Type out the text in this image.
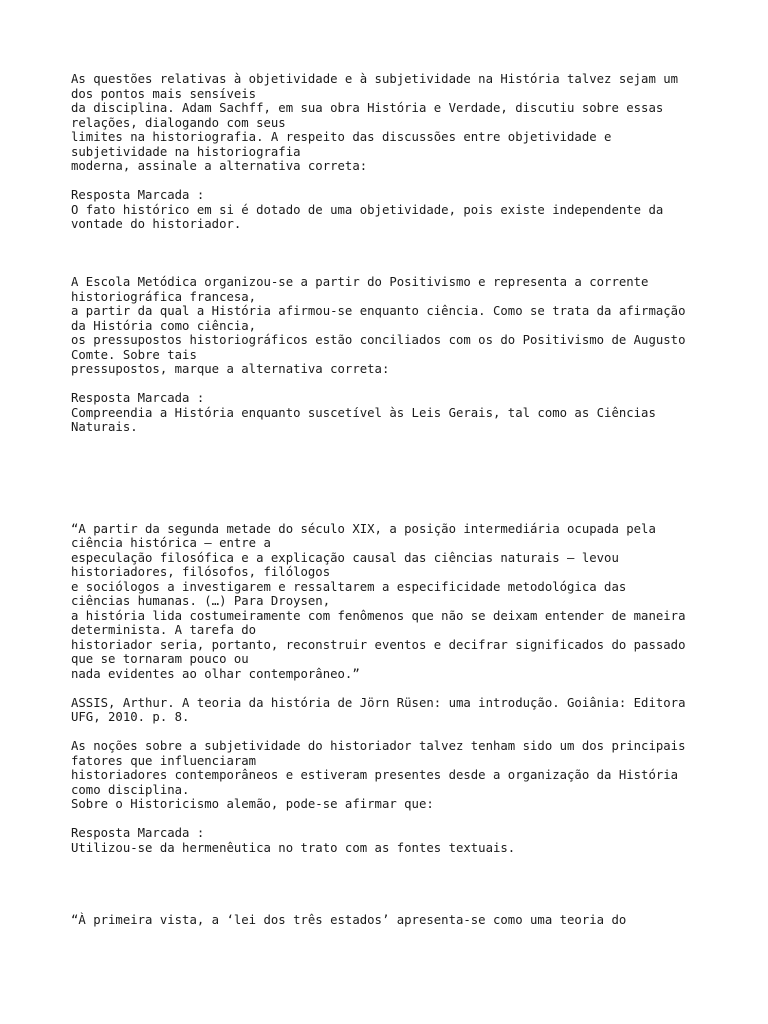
As questões relativas à objetividade e à subjetividade na História talvez sejam um
dos pontos mais sensíveis
da disciplina. Adam Sachff, em sua obra História e Verdade, discutiu sobre essas
relações, dialogando com seus
limites na historiografia. A respeito das discussões entre objetividade e
subjetividade na historiografia
moderna, assinale a alternativa correta:
Resposta Marcada :
O fato histórico em si é dotado de uma objetividade, pois existe independente da
vontade do historiador.
A Escola Metódica organizou-se a partir do Positivismo e representa a corrente
historiográfica francesa,
a partir da qual a História afirmou-se enquanto ciência. Como se trata da afirmação
da História como ciência,
os pressupostos historiográficos estão conciliados com os do Positivismo de Augusto
Comte. Sobre tais
pressupostos, marque a alternativa correta:
Resposta Marcada :
Compreendia a História enquanto suscetível às Leis Gerais, tal como as Ciências
Naturais.
“A partir da segunda metade do século XIX, a posição intermediária ocupada pela
ciência histórica – entre a
especulação filosófica e a explicação causal das ciências naturais – levou
historiadores, filósofos, filólogos
e sociólogos a investigarem e ressaltarem a especificidade metodológica das
ciências humanas. (…) Para Droysen,
a história lida costumeiramente com fenômenos que não se deixam entender de maneira
determinista. A tarefa do
historiador seria, portanto, reconstruir eventos e decifrar significados do passado
que se tornaram pouco ou
nada evidentes ao olhar contemporâneo.”
ASSIS, Arthur. A teoria da história de Jörn Rüsen: uma introdução. Goiânia: Editora
UFG, 2010. p. 8.
As noções sobre a subjetividade do historiador talvez tenham sido um dos principais
fatores que influenciaram
historiadores contemporâneos e estiveram presentes desde a organização da História
como disciplina.
Sobre o Historicismo alemão, pode-se afirmar que:
Resposta Marcada :
Utilizou-se da hermenêutica no trato com as fontes textuais.
“À primeira vista, a ‘lei dos três estados’ apresenta-se como uma teoria do
